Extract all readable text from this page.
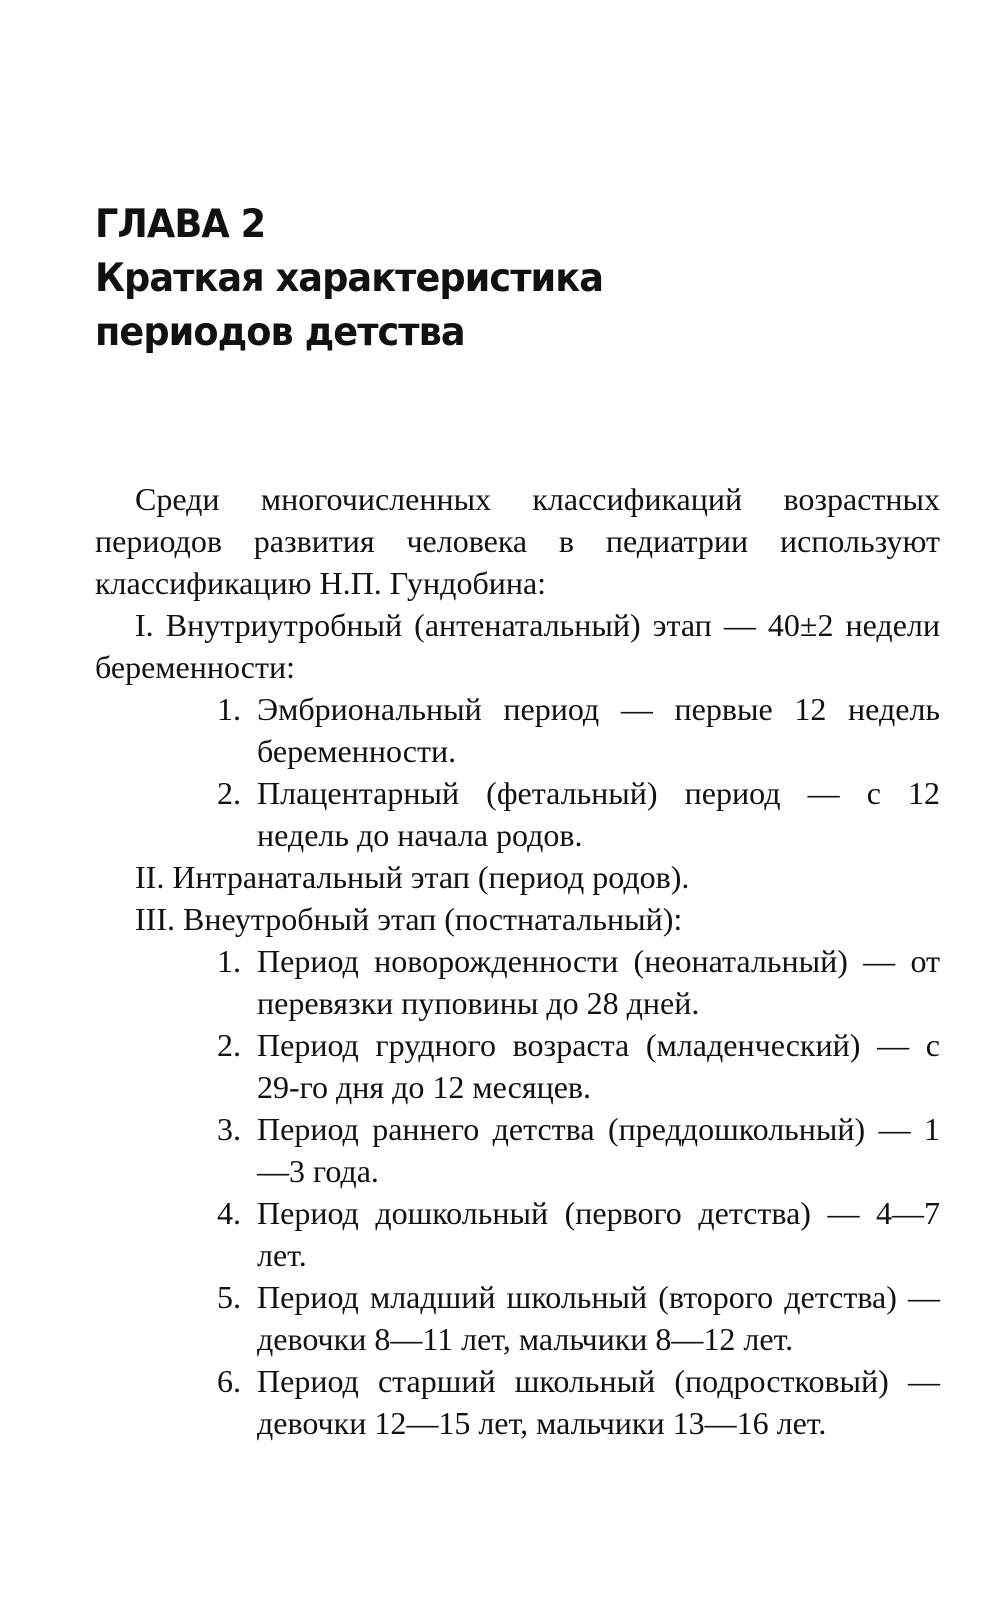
ГЛАВА 2
Краткая характеристика
периодов детства

Среди многочисленных классификаций возрастных периодов развития человека в педиатрии используют классификацию Н.П. Гундобина:

I. Внутриутробный (антенатальный) этап — 40±2 недели беременности:

1. Эмбриональный период — первые 12 недель беременности.
2. Плацентарный (фетальный) период — с 12 недель до начала родов.

II. Интранатальный этап (период родов).

III. Внеутробный этап (постнатальный):

1. Период новорожденности (неонатальный) — от перевязки пуповины до 28 дней.
2. Период грудного возраста (младенческий) — с 29-го дня до 12 месяцев.
3. Период раннего детства (преддошкольный) — 1—3 года.
4. Период дошкольный (первого детства) — 4—7 лет.
5. Период младший школьный (второго детства) — девочки 8—11 лет, мальчики 8—12 лет.
6. Период старший школьный (подростковый) — девочки 12—15 лет, мальчики 13—16 лет.
